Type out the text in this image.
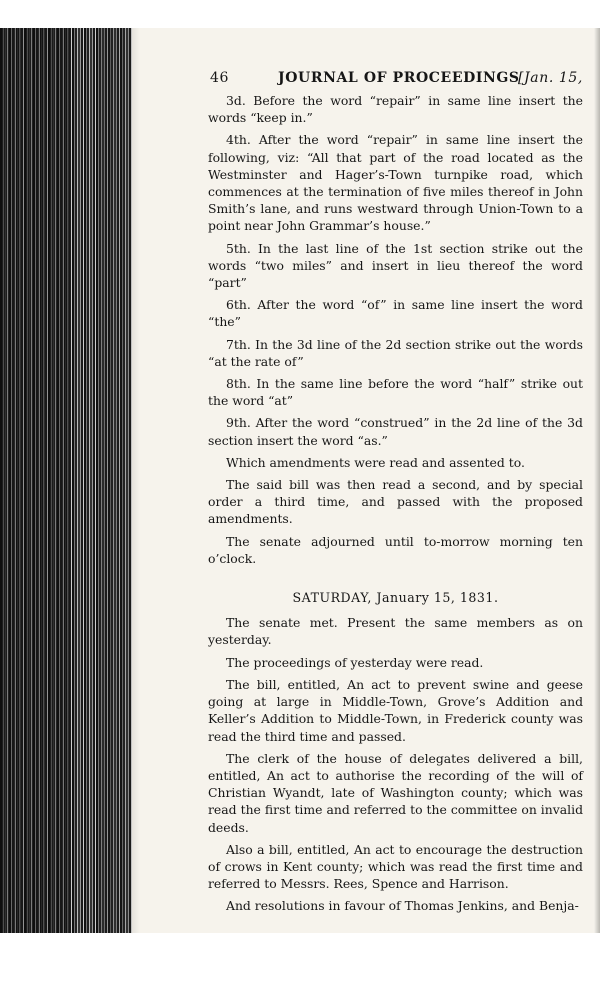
46	JOURNAL OF PROCEEDINGS
[Jan. 15,

3d. Before the word “repair” in same line insert the words “keep in.”

4th. After the word “repair” in same line insert the following, viz: “All that part of the road located as the Westminster and Hager’s-Town turnpike road, which commences at the termination of five miles thereof in John Smith’s lane, and runs westward through Union-Town to a point near John Grammar’s house.”

5th. In the last line of the 1st section strike out the words “two miles” and insert in lieu thereof the word “part”

6th. After the word “of” in same line insert the word “the”

7th. In the 3d line of the 2d section strike out the words “at the rate of”

8th. In the same line before the word “half” strike out the word “at”

9th. After the word “construed” in the 2d line of the 3d section insert the word “as.”

Which amendments were read and assented to.

The said bill was then read a second, and by special order a third time, and passed with the proposed amendments.

The senate adjourned until to-morrow morning ten o’clock.

SATURDAY, January 15, 1831.

The senate met. Present the same members as on yesterday.

The proceedings of yesterday were read.

The bill, entitled, An act to prevent swine and geese going at large in Middle-Town, Grove’s Addition and Keller’s Addition to Middle-Town, in Frederick county was read the third time and passed.

The clerk of the house of delegates delivered a bill, entitled, An act to authorise the recording of the will of Christian Wyandt, late of Washington county; which was read the first time and referred to the committee on invalid deeds.

Also a bill, entitled, An act to encourage the destruction of crows in Kent county; which was read the first time and referred to Messrs. Rees, Spence and Harrison.

And resolutions in favour of Thomas Jenkins, and Benja-
